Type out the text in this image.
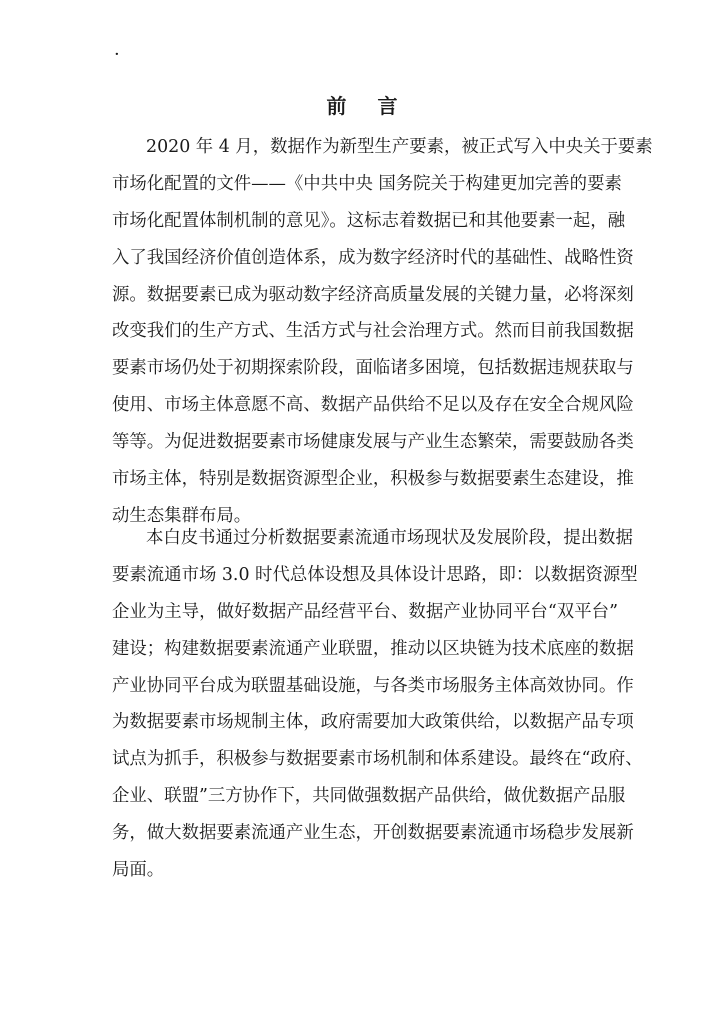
·
前 言
2020 年 4 月，数据作为新型生产要素，被正式写入中央关于要素
市场化配置的文件——《中共中央 国务院关于构建更加完善的要素
市场化配置体制机制的意见》。这标志着数据已和其他要素一起，融
入了我国经济价值创造体系，成为数字经济时代的基础性、战略性资
源。数据要素已成为驱动数字经济高质量发展的关键力量，必将深刻
改变我们的生产方式、生活方式与社会治理方式。然而目前我国数据
要素市场仍处于初期探索阶段，面临诸多困境，包括数据违规获取与
使用、市场主体意愿不高、数据产品供给不足以及存在安全合规风险
等等。为促进数据要素市场健康发展与产业生态繁荣，需要鼓励各类
市场主体，特别是数据资源型企业，积极参与数据要素生态建设，推
动生态集群布局。
本白皮书通过分析数据要素流通市场现状及发展阶段，提出数据
要素流通市场 3.0 时代总体设想及具体设计思路，即：以数据资源型
企业为主导，做好数据产品经营平台、数据产业协同平台“双平台”
建设；构建数据要素流通产业联盟，推动以区块链为技术底座的数据
产业协同平台成为联盟基础设施，与各类市场服务主体高效协同。作
为数据要素市场规制主体，政府需要加大政策供给，以数据产品专项
试点为抓手，积极参与数据要素市场机制和体系建设。最终在“政府、
企业、联盟”三方协作下，共同做强数据产品供给，做优数据产品服
务，做大数据要素流通产业生态，开创数据要素流通市场稳步发展新
局面。
